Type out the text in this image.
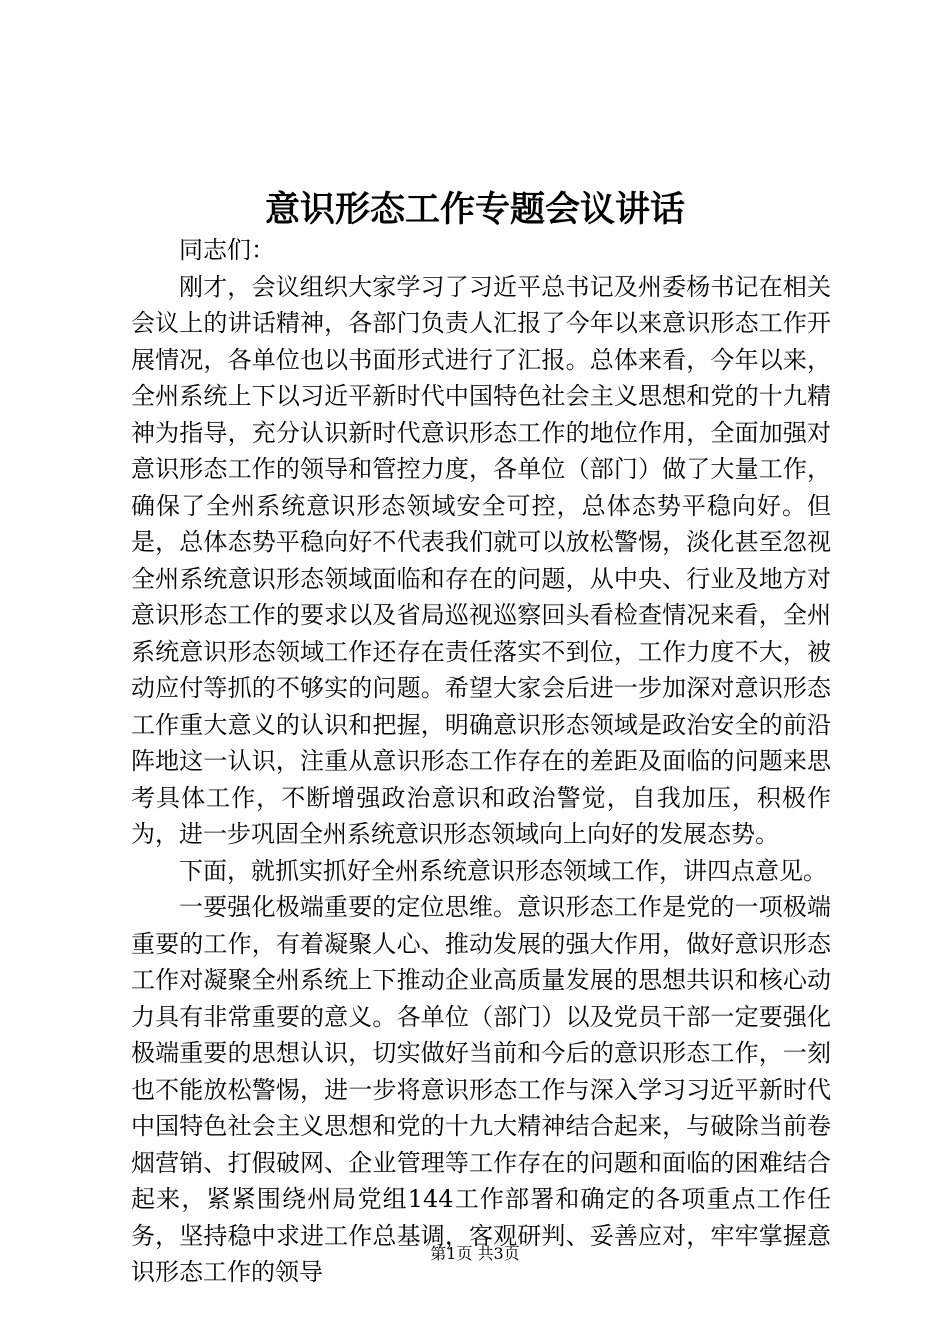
意识形态工作专题会议讲话

同志们：

刚才，会议组织大家学习了习近平总书记及州委杨书记在相关会议上的讲话精神，各部门负责人汇报了今年以来意识形态工作开展情况，各单位也以书面形式进行了汇报。总体来看，今年以来，全州系统上下以习近平新时代中国特色社会主义思想和党的十九精神为指导，充分认识新时代意识形态工作的地位作用，全面加强对意识形态工作的领导和管控力度，各单位（部门）做了大量工作，确保了全州系统意识形态领域安全可控，总体态势平稳向好。但是，总体态势平稳向好不代表我们就可以放松警惕，淡化甚至忽视全州系统意识形态领域面临和存在的问题，从中央、行业及地方对意识形态工作的要求以及省局巡视巡察回头看检查情况来看，全州系统意识形态领域工作还存在责任落实不到位，工作力度不大，被动应付等抓的不够实的问题。希望大家会后进一步加深对意识形态工作重大意义的认识和把握，明确意识形态领域是政治安全的前沿阵地这一认识，注重从意识形态工作存在的差距及面临的问题来思考具体工作，不断增强政治意识和政治警觉，自我加压，积极作为，进一步巩固全州系统意识形态领域向上向好的发展态势。

下面，就抓实抓好全州系统意识形态领域工作，讲四点意见。

一要强化极端重要的定位思维。意识形态工作是党的一项极端重要的工作，有着凝聚人心、推动发展的强大作用，做好意识形态工作对凝聚全州系统上下推动企业高质量发展的思想共识和核心动力具有非常重要的意义。各单位（部门）以及党员干部一定要强化极端重要的思想认识，切实做好当前和今后的意识形态工作，一刻也不能放松警惕，进一步将意识形态工作与深入学习习近平新时代中国特色社会主义思想和党的十九大精神结合起来，与破除当前卷烟营销、打假破网、企业管理等工作存在的问题和面临的困难结合起来，紧紧围绕州局党组144工作部署和确定的各项重点工作任务，坚持稳中求进工作总基调，客观研判、妥善应对，牢牢掌握意识形态工作的领导

第1页 共3页
